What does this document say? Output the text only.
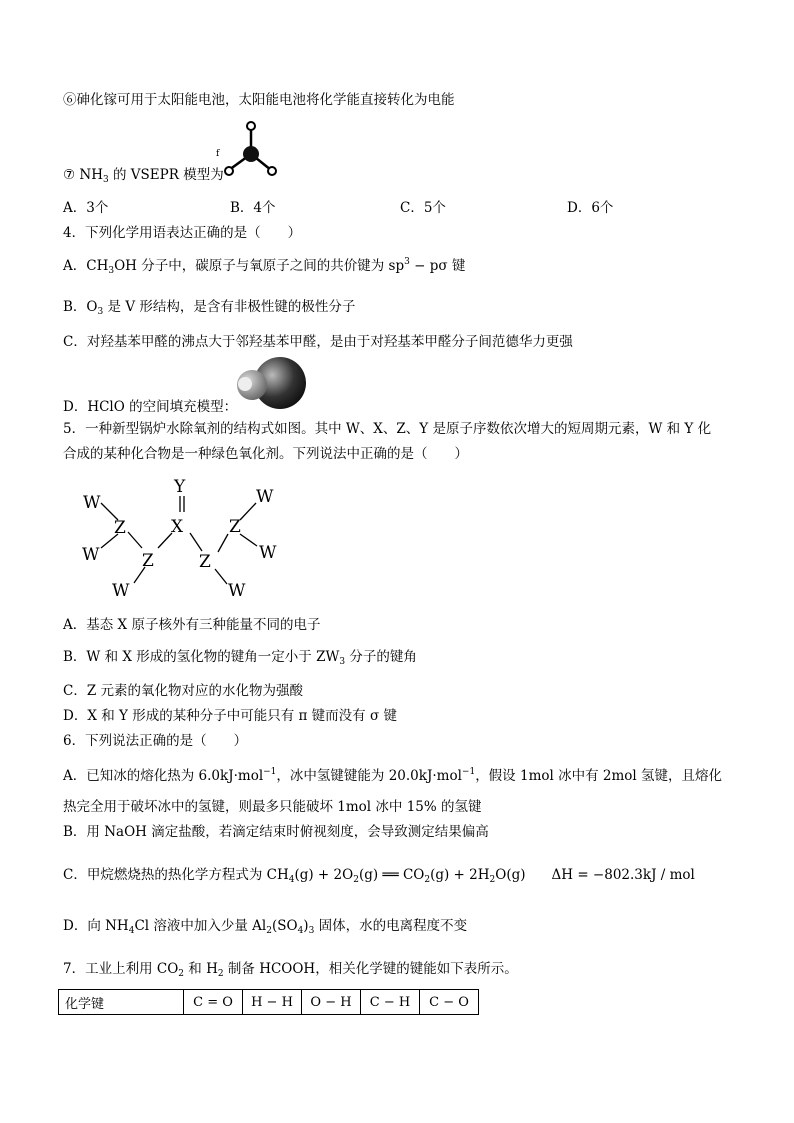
⑥砷化镓可用于太阳能电池，太阳能电池将化学能直接转化为电能
f
⑦ $NH_3$ 的 VSEPR 模型为
A．3个	B．4个	C．5个	D．6个
4．下列化学用语表达正确的是（　　）
A．$CH_3OH$ 分子中，碳原子与氧原子之间的共价键为 $sp^3 - p\sigma$ 键
B．$O_3$ 是 V 形结构，是含有非极性键的极性分子
C．对羟基苯甲醛的沸点大于邻羟基苯甲醛，是由于对羟基苯甲醛分子间范德华力更强
D．HClO 的空间填充模型：
5．一种新型锅炉水除氧剂的结构式如图。其中 W、X、Z、Y 是原子序数依次增大的短周期元素，W 和 Y 化
合成的某种化合物是一种绿色氧化剂。下列说法中正确的是（　　）
Y
W
Z	X	Z
W
W	Z	Z	W
W	W
A．基态 X 原子核外有三种能量不同的电子
B．W 和 X 形成的氢化物的键角一定小于 $ZW_3$ 分子的键角
C．Z 元素的氧化物对应的水化物为强酸
D．X 和 Y 形成的某种分子中可能只有 π 键而没有 σ 键
6．下列说法正确的是（　　）
A．已知冰的熔化热为 6.0kJ·mol$^{-1}$，冰中氢键键能为 20.0kJ·mol$^{-1}$，假设 1mol 冰中有 2mol 氢键，且熔化
热完全用于破坏冰中的氢键，则最多只能破坏 1mol 冰中 15% 的氢键
B．用 NaOH 滴定盐酸，若滴定结束时俯视刻度，会导致测定结果偏高
C．甲烷燃烧热的热化学方程式为 $CH_4(g) + 2O_2(g)$ ══ $CO_2(g) + 2H_2O(g) \Delta H = -802.3kJ$ / mol
D．向 $NH_4Cl$ 溶液中加入少量 $Al_2(SO_4)_3$ 固体，水的电离程度不变
7．工业上利用 $CO_2$ 和 $H_2$ 制备 HCOOH，相关化学键的键能如下表所示。
化学键	C = O	H − H	O − H	C − H	C − O
